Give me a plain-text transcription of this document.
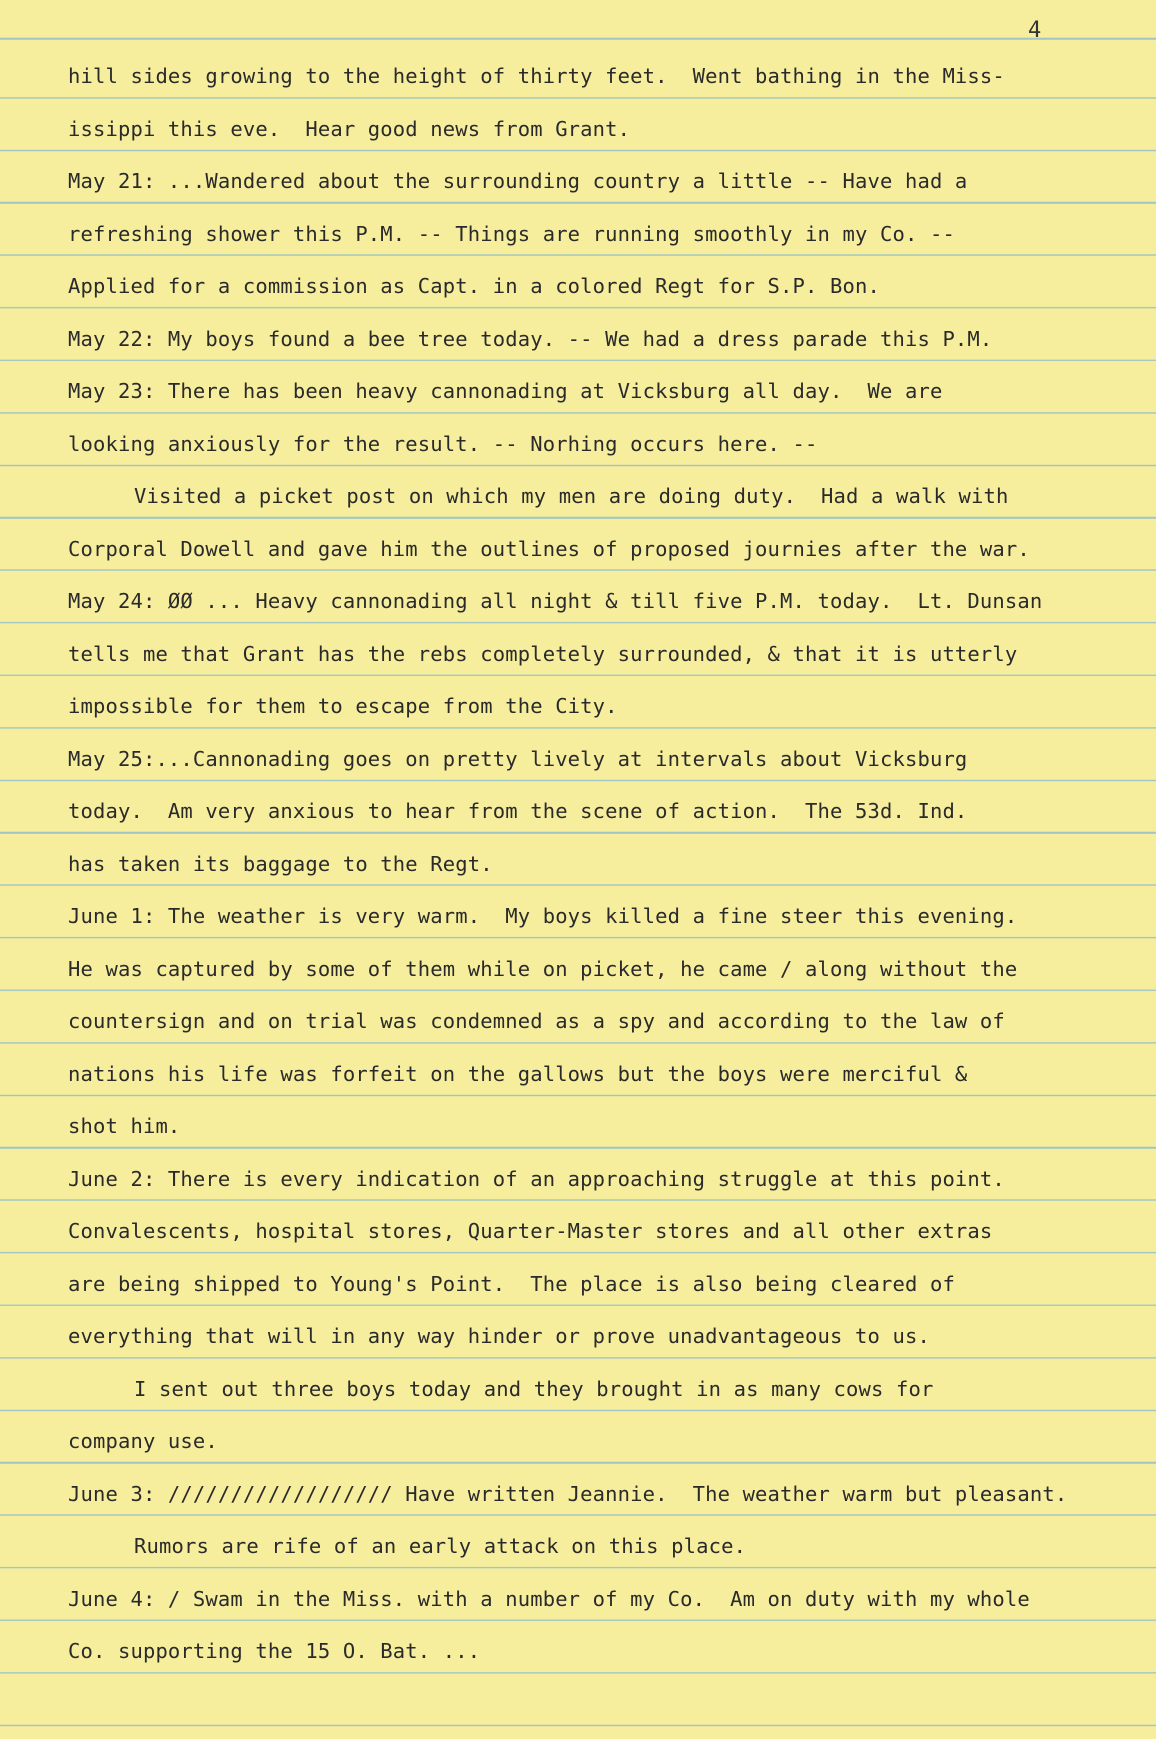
4
hill sides growing to the height of thirty feet.  Went bathing in the Miss-
issippi this eve.  Hear good news from Grant.
May 21: ...Wandered about the surrounding country a little -- Have had a
refreshing shower this P.M. -- Things are running smoothly in my Co. --
Applied for a commission as Capt. in a colored Regt for S.P. Bon.
May 22: My boys found a bee tree today. -- We had a dress parade this P.M.
May 23: There has been heavy cannonading at Vicksburg all day.  We are
looking anxiously for the result. -- Norhing occurs here. --
Visited a picket post on which my men are doing duty.  Had a walk with
Corporal Dowell and gave him the outlines of proposed journies after the war.
May 24: ØØ ... Heavy cannonading all night & till five P.M. today.  Lt. Dunsan
tells me that Grant has the rebs completely surrounded, & that it is utterly
impossible for them to escape from the City.
May 25:...Cannonading goes on pretty lively at intervals about Vicksburg
today.  Am very anxious to hear from the scene of action.  The 53d. Ind.
has taken its baggage to the Regt.
June 1: The weather is very warm.  My boys killed a fine steer this evening.
He was captured by some of them while on picket, he came / along without the
countersign and on trial was condemned as a spy and according to the law of
nations his life was forfeit on the gallows but the boys were merciful &
shot him.
June 2: There is every indication of an approaching struggle at this point.
Convalescents, hospital stores, Quarter-Master stores and all other extras
are being shipped to Young's Point.  The place is also being cleared of
everything that will in any way hinder or prove unadvantageous to us.
I sent out three boys today and they brought in as many cows for
company use.
June 3: ////////////////// Have written Jeannie.  The weather warm but pleasant.
Rumors are rife of an early attack on this place.
June 4: / Swam in the Miss. with a number of my Co.  Am on duty with my whole
Co. supporting the 15 O. Bat. ...
